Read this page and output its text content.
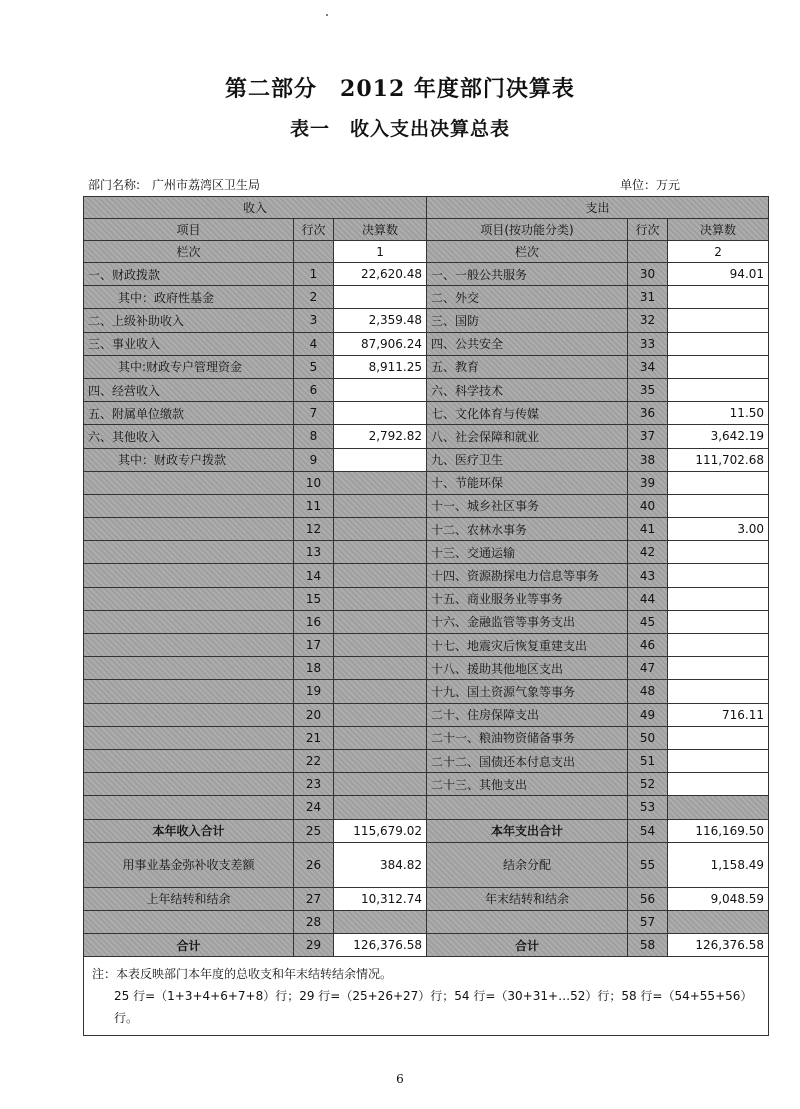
第二部分　2012 年度部门决算表
表一　收入支出决算总表
部门名称:　广州市荔湾区卫生局	单位：万元
收入			支出		
项目	行次	决算数	项目(按功能分类)	行次	决算数
栏次		1	栏次		2
一、财政拨款	1	22,620.48	一、一般公共服务	30	94.01
其中：政府性基金	2		二、外交	31	
二、上级补助收入	3	2,359.48	三、国防	32	
三、事业收入	4	87,906.24	四、公共安全	33	
其中:财政专户管理资金	5	8,911.25	五、教育	34	
四、经营收入	6		六、科学技术	35	
五、附属单位缴款	7		七、文化体育与传媒	36	11.50
六、其他收入	8	2,792.82	八、社会保障和就业	37	3,642.19
其中：财政专户拨款	9		九、医疗卫生	38	111,702.68
	10		十、节能环保	39	
	11		十一、城乡社区事务	40	
	12		十二、农林水事务	41	3.00
	13		十三、交通运输	42	
	14		十四、资源勘探电力信息等事务	43	
	15		十五、商业服务业等事务	44	
	16		十六、金融监管等事务支出	45	
	17		十七、地震灾后恢复重建支出	46	
	18		十八、援助其他地区支出	47	
	19		十九、国土资源气象等事务	48	
	20		二十、住房保障支出	49	716.11
	21		二十一、粮油物资储备事务	50	
	22		二十二、国债还本付息支出	51	
	23		二十三、其他支出	52	
	24			53	
本年收入合计	25	115,679.02	本年支出合计	54	116,169.50
用事业基金弥补收支差额	26	384.82	结余分配	55	1,158.49
上年结转和结余	27	10,312.74	年末结转和结余	56	9,048.59
	28			57	
合计	29	126,376.58	合计	58	126,376.58

注：本表反映部门本年度的总收支和年末结转结余情况。
25 行=（1+3+4+6+7+8）行；29 行=（25+26+27）行；54 行=（30+31+…52）行；58 行=（54+55+56）行。					
6
